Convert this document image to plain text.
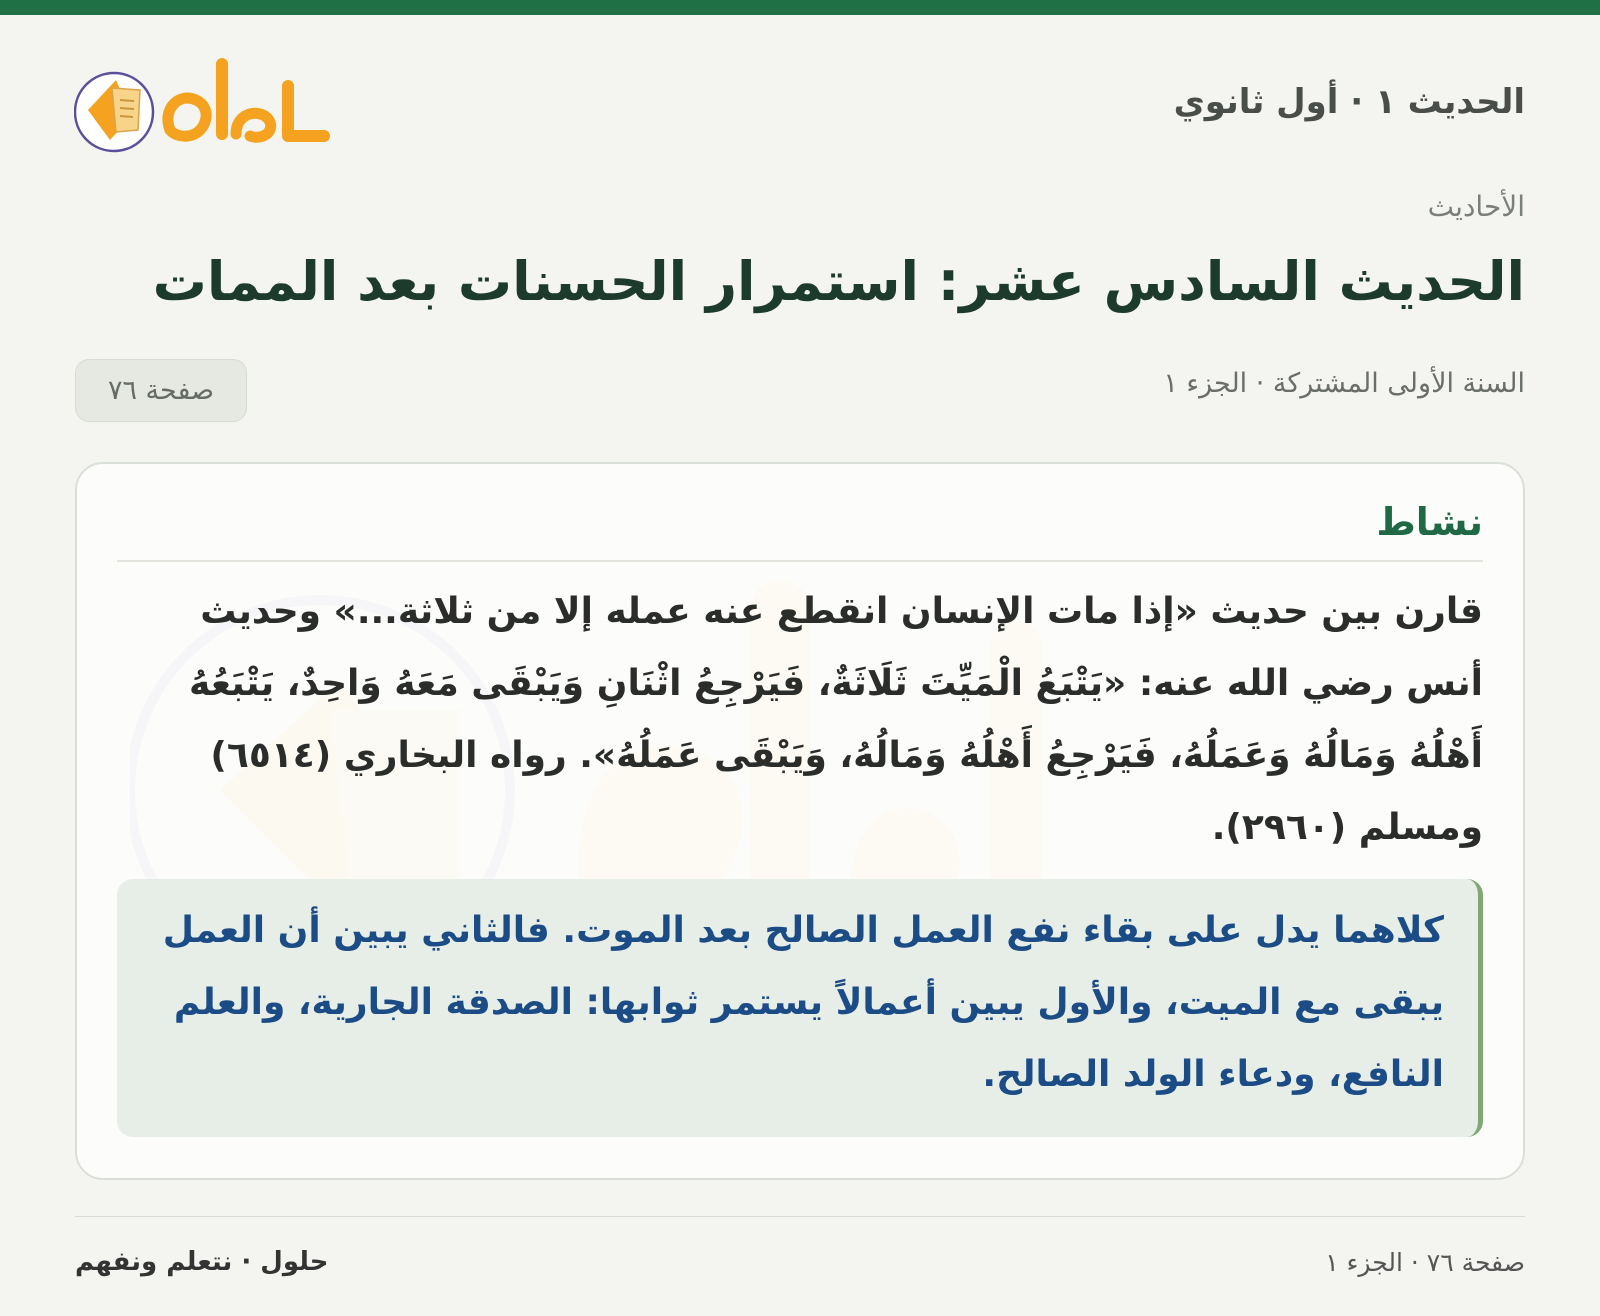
الحديث ١ · أول ثانوي
الأحاديث
الحديث السادس عشر: استمرار الحسنات بعد الممات
السنة الأولى المشتركة · الجزء ١
صفحة ٧٦
نشاط

قارن بين حديث «إذا مات الإنسان انقطع عنه عمله إلا من ثلاثة...» وحديث أنس رضي الله عنه: «يَتْبَعُ الْمَيِّتَ ثَلَاثَةٌ، فَيَرْجِعُ اثْنَانِ وَيَبْقَى مَعَهُ وَاحِدٌ، يَتْبَعُهُ أَهْلُهُ وَمَالُهُ وَعَمَلُهُ، فَيَرْجِعُ أَهْلُهُ وَمَالُهُ، وَيَبْقَى عَمَلُهُ». رواه البخاري (٦٥١٤) ومسلم (٢٩٦٠).

كلاهما يدل على بقاء نفع العمل الصالح بعد الموت. فالثاني يبين أن العمل يبقى مع الميت، والأول يبين أعمالاً يستمر ثوابها: الصدقة الجارية، والعلم النافع، ودعاء الولد الصالح.

حلول · نتعلم ونفهم	صفحة ٧٦ · الجزء ١
